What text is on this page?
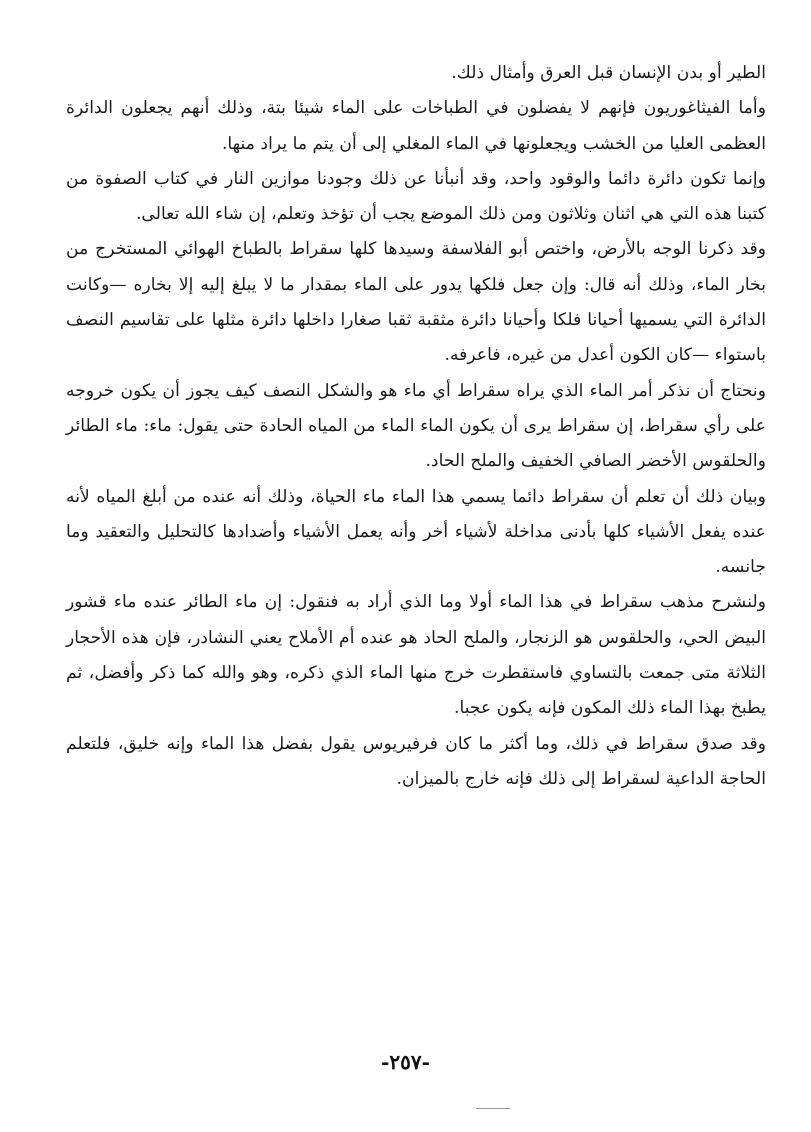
الطير أو بدن الإنسان قبل العرق وأمثال ذلك.

وأما الفيثاغوريون فإنهم لا يفضلون في الطباخات على الماء شيئا بتة، وذلك أنهم يجعلون الدائرة العظمى العليا من الخشب ويجعلونها في الماء المغلي إلى أن يتم ما يراد منها.

وإنما تكون دائرة دائما والوقود واحد، وقد أنبأنا عن ذلك وجودنا موازين النار في كتاب الصفوة من كتبنا هذه التي هي اثنان وثلاثون ومن ذلك الموضع يجب أن تؤخذ وتعلم، إن شاء الله تعالى.

وقد ذكرنا الوجه بالأرض، واختص أبو الفلاسفة وسيدها كلها سقراط بالطباخ الهوائي المستخرج من بخار الماء، وذلك أنه قال: وإن جعل فلكها يدور على الماء بمقدار ما لا يبلغ إليه إلا بخاره —وكانت الدائرة التي يسميها أحيانا فلكا وأحيانا دائرة مثقبة ثقبا صغارا داخلها دائرة مثلها على تقاسيم النصف باستواء —كان الكون أعدل من غيره، فاعرفه.

ونحتاج أن نذكر أمر الماء الذي يراه سقراط أي ماء هو والشكل النصف كيف يجوز أن يكون خروجه على رأي سقراط، إن سقراط يرى أن يكون الماء الماء من المياه الحادة حتى يقول: ماء: ماء الطائر والحلقوس الأخضر الصافي الخفيف والملح الحاد.

وبيان ذلك أن تعلم أن سقراط دائما يسمي هذا الماء ماء الحياة، وذلك أنه عنده من أبلغ المياه لأنه عنده يفعل الأشياء كلها بأدنى مداخلة لأشياء أخر وأنه يعمل الأشياء وأضدادها كالتحليل والتعقيد وما جانسه.

ولنشرح مذهب سقراط في هذا الماء أولا وما الذي أراد به فنقول: إن ماء الطائر عنده ماء قشور البيض الحي، والحلقوس هو الزنجار، والملح الحاد هو عنده أم الأملاح يعني النشادر، فإن هذه الأحجار الثلاثة متى جمعت بالتساوي فاستقطرت خرج منها الماء الذي ذكره، وهو والله كما ذكر وأفضل، ثم يطبخ بهذا الماء ذلك المكون فإنه يكون عجبا.

وقد صدق سقراط في ذلك، وما أكثر ما كان فرفيريوس يقول بفضل هذا الماء وإنه خليق، فلتعلم الحاجة الداعية لسقراط إلى ذلك فإنه خارج بالميزان.

-٢٥٧-
